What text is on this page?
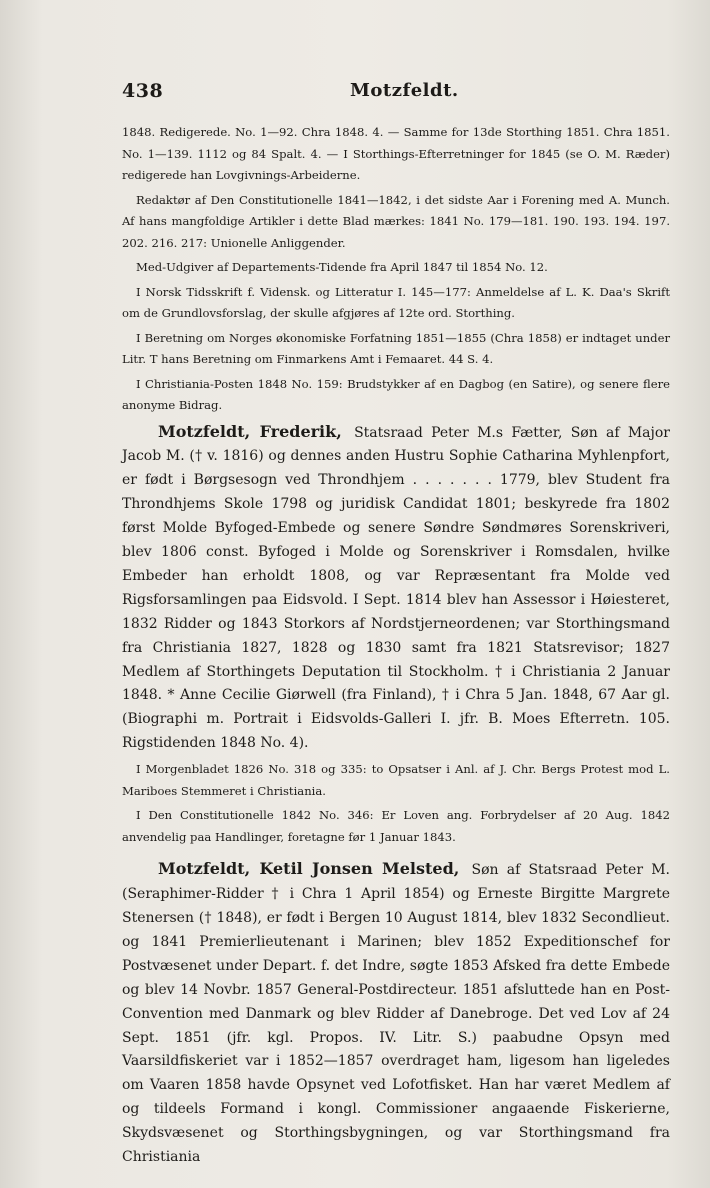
438	Motzfeldt.

1848. Redigerede. No. 1—92. Chra 1848. 4. — Samme for 13de Storthing 1851. Chra 1851. No. 1—139. 1112 og 84 Spalt. 4. — I Storthings-Efterretninger for 1845 (se O. M. Ræder) redigerede han Lovgivnings-Arbeiderne.

Redaktør af Den Constitutionelle 1841—1842, i det sidste Aar i Forening med A. Munch. Af hans mangfoldige Artikler i dette Blad mærkes: 1841 No. 179—181. 190. 193. 194. 197. 202. 216. 217: Unionelle Anliggender.

Med-Udgiver af Departements-Tidende fra April 1847 til 1854 No. 12.

I Norsk Tidsskrift f. Vidensk. og Litteratur I. 145—177: Anmeldelse af L. K. Daa's Skrift om de Grundlovsforslag, der skulle afgjøres af 12te ord. Storthing.

I Beretning om Norges økonomiske Forfatning 1851—1855 (Chra 1858) er indtaget under Litr. T hans Beretning om Finmarkens Amt i Femaaret. 44 S. 4.

I Christiania-Posten 1848 No. 159: Brudstykker af en Dagbog (en Satire), og senere flere anonyme Bidrag.

Motzfeldt, Frederik, Statsraad Peter M.s Fætter, Søn af Major Jacob M. († v. 1816) og dennes anden Hustru Sophie Catharina Myhlenpfort, er født i Børgsesogn ved Throndhjem . . . . . . . 1779, blev Student fra Throndhjems Skole 1798 og juridisk Candidat 1801; beskyrede fra 1802 først Molde Byfoged-Embede og senere Søndre Søndmøres Sorenskriveri, blev 1806 const. Byfoged i Molde og Sorenskriver i Romsdalen, hvilke Embeder han erholdt 1808, og var Repræsentant fra Molde ved Rigsforsamlingen paa Eidsvold. I Sept. 1814 blev han Assessor i Høiesteret, 1832 Ridder og 1843 Storkors af Nordstjerneordenen; var Storthingsmand fra Christiania 1827, 1828 og 1830 samt fra 1821 Statsrevisor; 1827 Medlem af Storthingets Deputation til Stockholm. † i Christiania 2 Januar 1848. * Anne Cecilie Giørwell (fra Finland), † i Chra 5 Jan. 1848, 67 Aar gl. (Biographi m. Portrait i Eidsvolds-Galleri I. jfr. B. Moes Efterretn. 105. Rigstidenden 1848 No. 4).

I Morgenbladet 1826 No. 318 og 335: to Opsatser i Anl. af J. Chr. Bergs Protest mod L. Mariboes Stemmeret i Christiania.

I Den Constitutionelle 1842 No. 346: Er Loven ang. Forbrydelser af 20 Aug. 1842 anvendelig paa Handlinger, foretagne før 1 Januar 1843.

Motzfeldt, Ketil Jonsen Melsted, Søn af Statsraad Peter M. (Seraphimer-Ridder † i Chra 1 April 1854) og Erneste Birgitte Margrete Stenersen († 1848), er født i Bergen 10 August 1814, blev 1832 Secondlieut. og 1841 Premierlieutenant i Marinen; blev 1852 Expeditionschef for Postvæsenet under Depart. f. det Indre, søgte 1853 Afsked fra dette Embede og blev 14 Novbr. 1857 General-Postdirecteur. 1851 afsluttede han en Post-Convention med Danmark og blev Ridder af Danebroge. Det ved Lov af 24 Sept. 1851 (jfr. kgl. Propos. IV. Litr. S.) paabudne Opsyn med Vaarsildfiskeriet var i 1852—1857 overdraget ham, ligesom han ligeledes om Vaaren 1858 havde Opsynet ved Lofotfisket. Han har været Medlem af og tildeels Formand i kongl. Commissioner angaaende Fiskerierne, Skydsvæsenet og Storthingsbygningen, og var Storthingsmand fra Christiania
